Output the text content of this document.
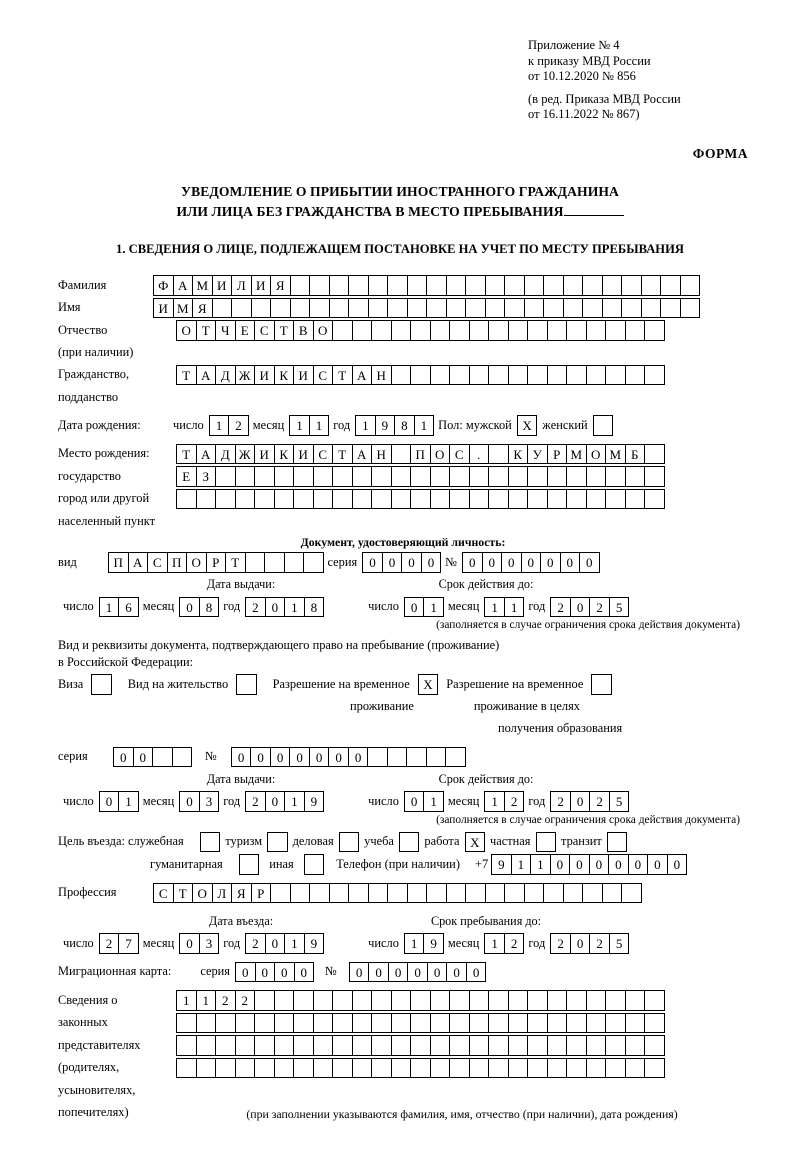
Приложение № 4
к приказу МВД России
от 10.12.2020 № 856
(в ред. Приказа МВД России
от 16.11.2022 № 867)
ФОРМА
УВЕДОМЛЕНИЕ О ПРИБЫТИИ ИНОСТРАННОГО ГРАЖДАНИНА
ИЛИ ЛИЦА БЕЗ ГРАЖДАНСТВА В МЕСТО ПРЕБЫВАНИЯ
1. СВЕДЕНИЯ О ЛИЦЕ, ПОДЛЕЖАЩЕМ ПОСТАНОВКЕ НА УЧЕТ ПО МЕСТУ ПРЕБЫВАНИЯ
Фамилия	Ф А М И Л И Я
Имя	И М Я
Отчество	О Т Ч Е С Т В О
(при наличии)
Гражданство,	Т А Д Ж И К И С Т А Н
подданство
Дата рождения:	число 1	2 месяц 1	1 год 1	9	8	1 Пол: мужской X женский
Место рождения:	Т А Д Ж И К И С Т А Н	П О С	.	К У Р М О М Б
государство	Е З
город или другой
населенный пункт
Документ, удостоверяющий личность:
вид	П А С П О Р Т	серия 0	0	0	0 № 0	0	0	0	0	0	0
Дата выдачи:	Срок действия до:
число 1	6 месяц 0	8 год 2	0	1	8	число 0	1 месяц 1	1 год 2	0	2	5
(заполняется в случае ограничения срока действия документа)
Вид и реквизиты документа, подтверждающего право на пребывание (проживание)
в Российской Федерации:
Виза	Вид на жительство	Разрешение на временное	X	Разрешение на временное
проживание	проживание в целях
получения образования
серия	0	0	№	0	0	0	0	0	0	0
Дата выдачи:	Срок действия до:
число 0	1 месяц 0	3 год 2	0	1	9	число 0	1 месяц 1	2 год 2	0	2	5
(заполняется в случае ограничения срока действия документа)
Цель въезда: служебная	туризм	деловая	учеба	работа X частная	транзит
гуманитарная	иная	Телефон (при наличии)	+7 9	1	1	0	0	0	0	0	0	0
Профессия	С Т О Л Я Р
Дата въезда:	Срок пребывания до:
число 2	7 месяц 0	3 год 2	0	1	9	число 1	9 месяц 1	2 год 2	0	2	5
Миграционная карта:	серия 0	0	0	0	№	0	0	0	0	0	0	0
Сведения о	1	1	2	2
законных
представителях
(родителях,
усыновителях,
попечителях)	(при заполнении указываются фамилия, имя, отчество (при наличии), дата рождения)
